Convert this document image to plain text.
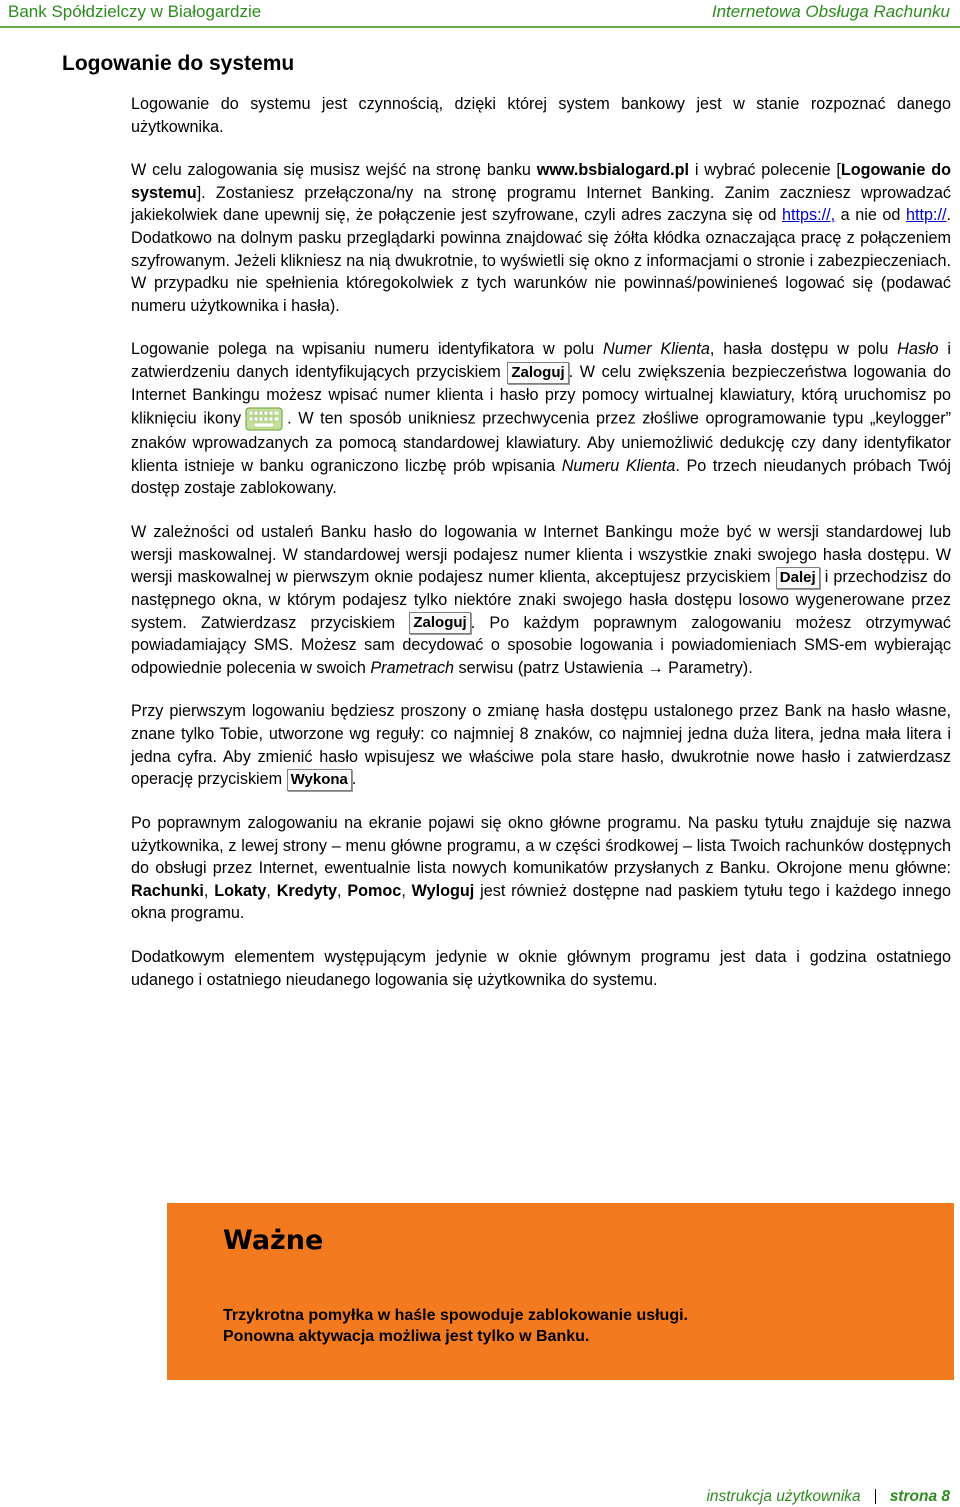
Bank Spółdzielczy w Białogardzie	Internetowa Obsługa Rachunku
Logowanie do systemu

Logowanie do systemu jest czynnością, dzięki której system bankowy jest w stanie rozpoznać danego użytkownika.

W celu zalogowania się musisz wejść na stronę banku www.bsbialogard.pl i wybrać polecenie [Logowanie do systemu]. Zostaniesz przełączona/ny na stronę programu Internet Banking. Zanim zaczniesz wprowadzać jakiekolwiek dane upewnij się, że połączenie jest szyfrowane, czyli adres zaczyna się od https://, a nie od http://. Dodatkowo na dolnym pasku przeglądarki powinna znajdować się żółta kłódka oznaczająca pracę z połączeniem szyfrowanym. Jeżeli klikniesz na nią dwukrotnie, to wyświetli się okno z informacjami o stronie i zabezpieczeniach. W przypadku nie spełnienia któregokolwiek z tych warunków nie powinnaś/powinieneś logować się (podawać numeru użytkownika i hasła).

Logowanie polega na wpisaniu numeru identyfikatora w polu Numer Klienta, hasła dostępu w polu Hasło i zatwierdzeniu danych identyfikujących przyciskiem Zaloguj . W celu zwiększenia bezpieczeństwa logowania do Internet Bankingu możesz wpisać numer klienta i hasło przy pomocy wirtualnej klawiatury, którą uruchomisz po kliknięciu ikony	. W ten sposób unikniesz przechwycenia przez złośliwe oprogramowanie typu „keylogger” znaków wprowadzanych za pomocą standardowej klawiatury. Aby uniemożliwić dedukcję czy dany identyfikator klienta istnieje w banku ograniczono liczbę prób wpisania Numeru Klienta. Po trzech nieudanych próbach Twój dostęp zostaje zablokowany.

W zależności od ustaleń Banku hasło do logowania w Internet Bankingu może być w wersji standardowej lub wersji maskowalnej. W standardowej wersji podajesz numer klienta i wszystkie znaki swojego hasła dostępu. W wersji maskowalnej w pierwszym oknie podajesz numer klienta, akceptujesz przyciskiem Dalej i przechodzisz do następnego okna, w którym podajesz tylko niektóre znaki swojego hasła dostępu losowo wygenerowane przez system. Zatwierdzasz przyciskiem Zaloguj . Po każdym poprawnym zalogowaniu możesz otrzymywać powiadamiający SMS. Możesz sam decydować o sposobie logowania i powiadomieniach SMS-em wybierając odpowiednie polecenia w swoich Prametrach serwisu (patrz Ustawienia → Parametry).

Przy pierwszym logowaniu będziesz proszony o zmianę hasła dostępu ustalonego przez Bank na hasło własne, znane tylko Tobie, utworzone wg reguły: co najmniej 8 znaków, co najmniej jedna duża litera, jedna mała litera i jedna cyfra. Aby zmienić hasło wpisujesz we właściwe pola stare hasło, dwukrotnie nowe hasło i zatwierdzasz operację przyciskiem Wykona .

Po poprawnym zalogowaniu na ekranie pojawi się okno główne programu. Na pasku tytułu znajduje się nazwa użytkownika, z lewej strony – menu główne programu, a w części środkowej – lista Twoich rachunków dostępnych do obsługi przez Internet, ewentualnie lista nowych komunikatów przysłanych z Banku. Okrojone menu główne: Rachunki, Lokaty, Kredyty, Pomoc, Wyloguj jest również dostępne nad paskiem tytułu tego i każdego innego okna programu.

Dodatkowym elementem występującym jedynie w oknie głównym programu jest data i godzina ostatniego udanego i ostatniego nieudanego logowania się użytkownika do systemu.

Ważne
Trzykrotna pomyłka w haśle spowoduje zablokowanie usługi.
Ponowna aktywacja możliwa jest tylko w Banku.
instrukcja użytkownika strona 8
